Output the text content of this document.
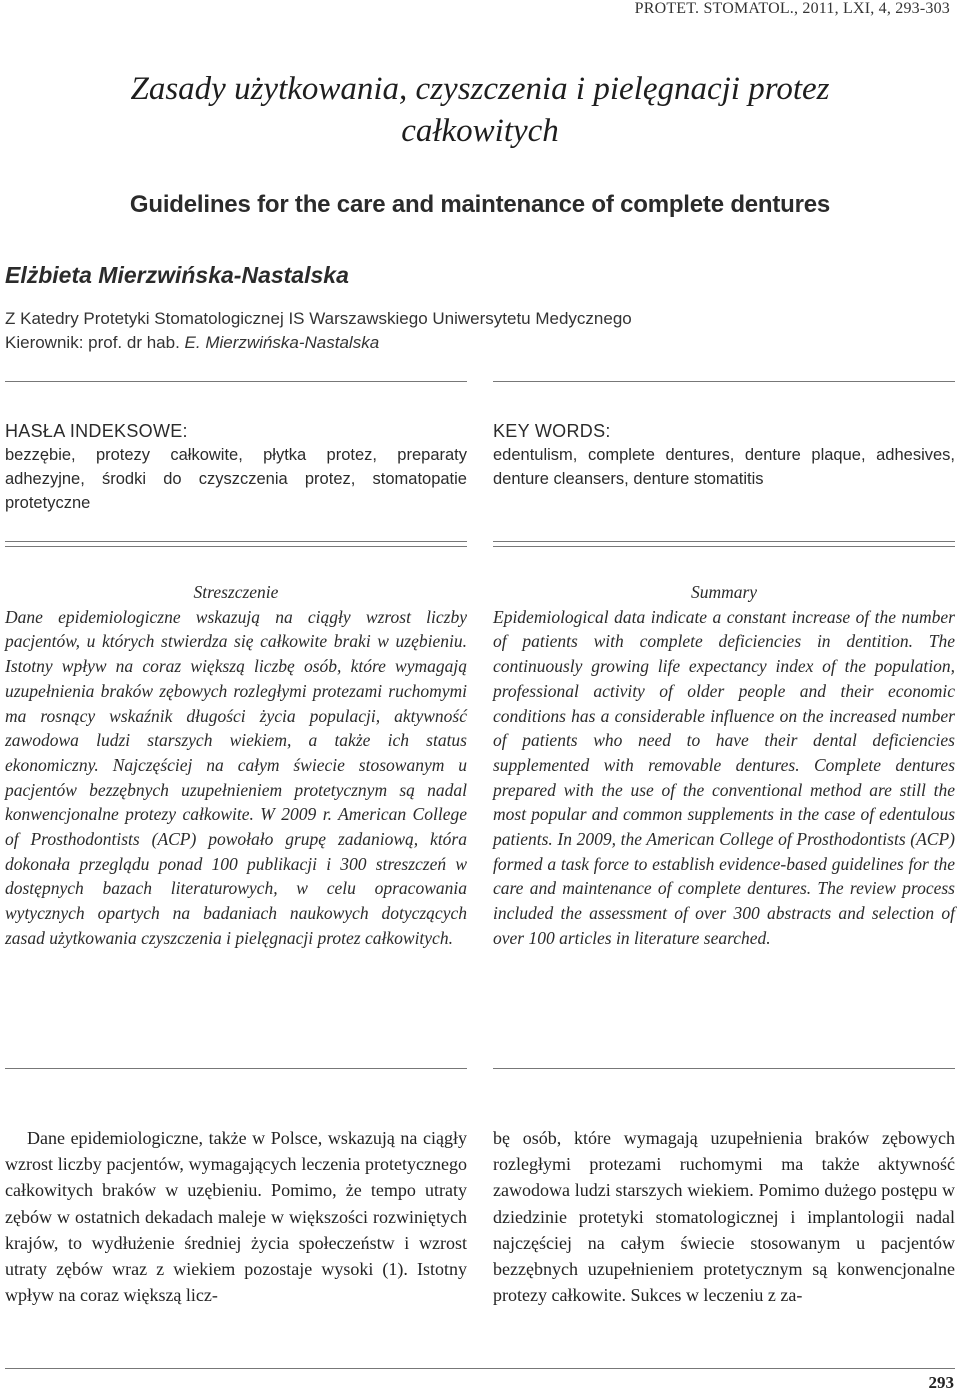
PROTET. STOMATOL., 2011, LXI, 4, 293-303
Zasady użytkowania, czyszczenia i pielęgnacji protez
całkowitych
Guidelines for the care and maintenance of complete dentures
Elżbieta Mierzwińska-Nastalska
Z Katedry Protetyki Stomatologicznej IS Warszawskiego Uniwersytetu Medycznego
Kierownik: prof. dr hab. E. Mierzwińska-Nastalska
HASŁA INDEKSOWE:
bezzębie, protezy całkowite, płytka protez, preparaty adhezyjne, środki do czyszczenia protez, stomatopatie protetyczne
KEY WORDS:
edentulism, complete dentures, denture plaque, adhesives, denture cleansers, denture stomatitis
Streszczenie

Dane epidemiologiczne wskazują na ciągły wzrost liczby pacjentów, u których stwierdza się całkowite braki w uzębieniu. Istotny wpływ na coraz większą liczbę osób, które wymagają uzupełnienia braków zębowych rozległymi protezami ruchomymi ma rosnący wskaźnik długości życia populacji, aktywność zawodowa ludzi starszych wiekiem, a także ich status ekonomiczny. Najczęściej na całym świecie stosowanym u pacjentów bezzębnych uzupełnieniem protetycznym są nadal konwencjonalne protezy całkowite. W 2009 r. American College of Prosthodontists (ACP) powołało grupę zadaniową, która dokonała przeglądu ponad 100 publikacji i 300 streszczeń w dostępnych bazach literaturowych, w celu opracowania wytycznych opartych na badaniach naukowych dotyczących zasad użytkowania czyszczenia i pielęgnacji protez całkowitych.

Summary

Epidemiological data indicate a constant increase of the number of patients with complete deficiencies in dentition. The continuously growing life expectancy index of the population, professional activity of older people and their economic conditions has a considerable influence on the increased number of patients who need to have their dental deficiencies supplemented with removable dentures. Complete dentures prepared with the use of the conventional method are still the most popular and common supplements in the case of edentulous patients. In 2009, the American College of Prosthodontists (ACP) formed a task force to establish evidence-based guidelines for the care and maintenance of complete dentures. The review process included the assessment of over 300 abstracts and selection of over 100 articles in literature searched.

Dane epidemiologiczne, także w Polsce, wskazują na ciągły wzrost liczby pacjentów, wymagających leczenia protetycznego całkowitych braków w uzębieniu. Pomimo, że tempo utraty zębów w ostatnich dekadach maleje w większości rozwiniętych krajów, to wydłużenie średniej życia społeczeństw i wzrost utraty zębów wraz z wiekiem pozostaje wysoki (1). Istotny wpływ na coraz większą licz-

bę osób, które wymagają uzupełnienia braków zębowych rozległymi protezami ruchomymi ma także aktywność zawodowa ludzi starszych wiekiem. Pomimo dużego postępu w dziedzinie protetyki stomatologicznej i implantologii nadal najczęściej na całym świecie stosowanym u pacjentów bezzębnych uzupełnieniem protetycznym są konwencjonalne protezy całkowite. Sukces w leczeniu z za-

293
